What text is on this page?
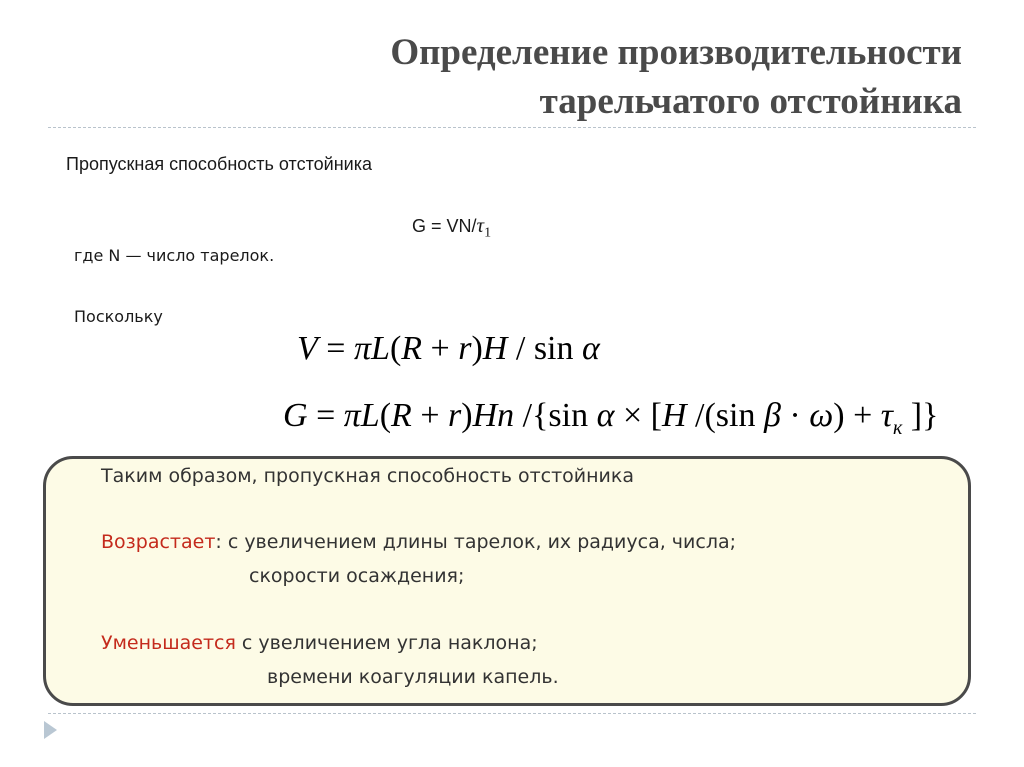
Определение производительности
тарельчатого отстойника
Пропускная способность отстойника
$G = VN/\tau_1$
где N — число тарелок.
Поскольку
V = πL(R + r)H / sin α
G = πL(R + r)Hn /{sin α × [H /(sin $\beta \cdot \omega) + \tau_к$ ]}
Таким образом, пропускная способность отстойника
Возрастает: с увеличением длины тарелок, их радиуса, числа;
скорости осаждения;
Уменьшается с увеличением угла наклона;
времени коагуляции капель.
